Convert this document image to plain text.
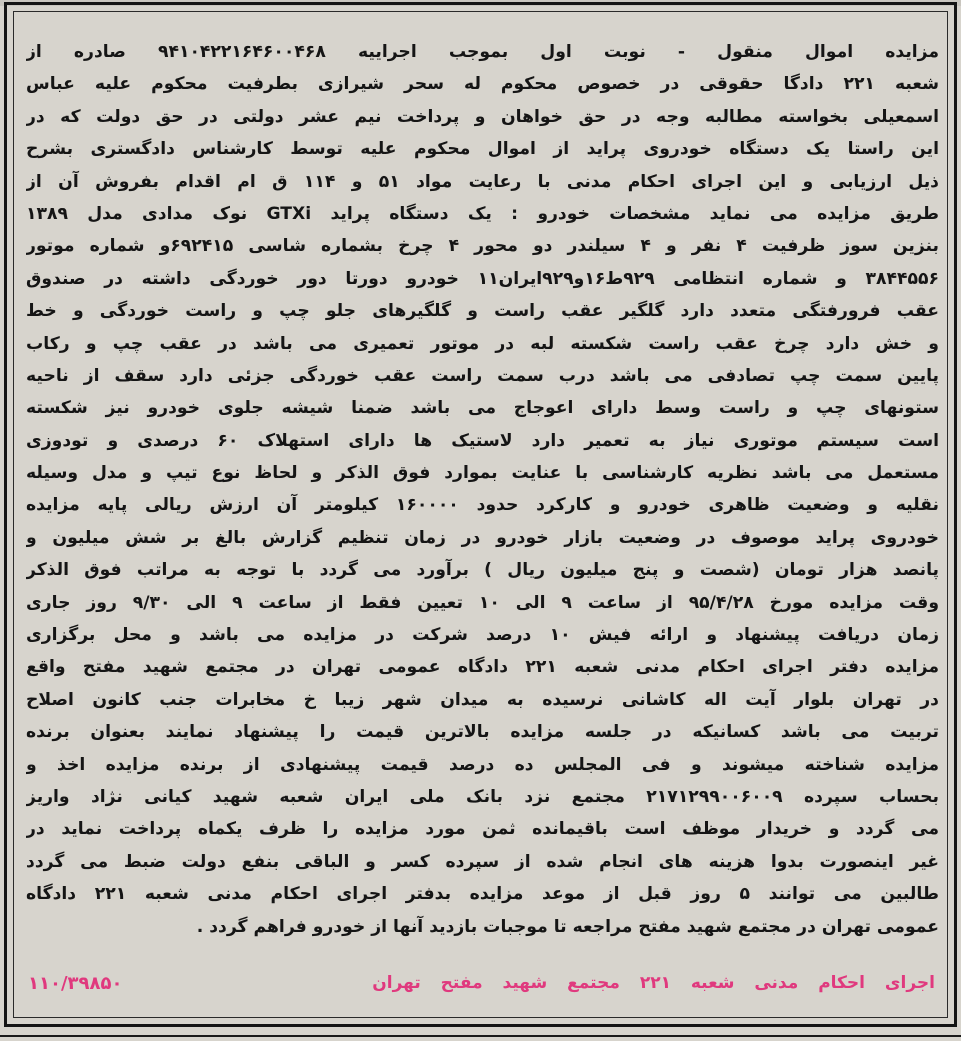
مزایده اموال منقول - نوبت اول بموجب اجراییه ۹۴۱۰۴۲۲۱۶۴۶۰۰۴۶۸ صادره از
شعبه ۲۲۱ دادگا حقوقی در خصوص محکوم له سحر شیرازی بطرفیت محکوم علیه عباس
اسمعیلی بخواسته مطالبه وجه در حق خواهان و پرداخت نیم عشر دولتی در حق دولت که در
این راستا یک دستگاه خودروی پراید از اموال محکوم علیه توسط کارشناس دادگستری بشرح
ذیل ارزیابی و این اجرای احکام مدنی با رعایت مواد ۵۱ و ۱۱۴ ق ام اقدام بفروش آن از
طریق مزایده می نماید مشخصات خودرو : یک دستگاه پراید GTXi نوک مدادی مدل ۱۳۸۹
بنزین سوز ظرفیت ۴ نفر و ۴ سیلندر دو محور ۴ چرخ بشماره شاسی ۶۹۲۴۱۵و شماره موتور
۳۸۴۴۵۵۶ و شماره انتظامی ۹۲۹ط۱۶و۹۲۹ایران۱۱ خودرو دورتا دور خوردگی داشته در صندوق
عقب فرورفتگی متعدد دارد گلگیر عقب راست و گلگیرهای جلو چپ و راست خوردگی و خط
و خش دارد چرخ عقب راست شکسته لبه در موتور تعمیری می باشد در عقب چپ و رکاب
پایین سمت چپ تصادفی می باشد درب سمت راست عقب خوردگی جزئی دارد سقف از ناحیه
ستونهای چپ و راست وسط دارای اعوجاج می باشد ضمنا شیشه جلوی خودرو نیز شکسته
است سیستم موتوری نیاز به تعمیر دارد لاستیک ها دارای استهلاک ۶۰ درصدی و تودوزی
مستعمل می باشد نظریه کارشناسی با عنایت بموارد فوق الذکر و لحاظ نوع تیپ و مدل وسیله
نقلیه و وضعیت ظاهری خودرو و کارکرد حدود ۱۶۰۰۰۰ کیلومتر آن ارزش ریالی پایه مزایده
خودروی پراید موصوف در وضعیت بازار خودرو در زمان تنظیم گزارش بالغ بر شش میلیون و
پانصد هزار تومان (شصت و پنج میلیون ریال ) برآورد می گردد با توجه به مراتب فوق الذکر
وقت مزایده مورخ ۹۵/۴/۲۸ از ساعت ۹ الی ۱۰ تعیین فقط از ساعت ۹ الی ۹/۳۰ روز جاری
زمان دریافت پیشنهاد و ارائه فیش ۱۰ درصد شرکت در مزایده می باشد و محل برگزاری
مزایده دفتر اجرای احکام مدنی شعبه ۲۲۱ دادگاه عمومی تهران در مجتمع شهید مفتح واقع
در تهران بلوار آیت اله کاشانی نرسیده به میدان شهر زیبا خ مخابرات جنب کانون اصلاح
تربیت می باشد کسانیکه در جلسه مزایده بالاترین قیمت را پیشنهاد نمایند بعنوان برنده
مزایده شناخته میشوند و فی المجلس ده درصد قیمت پیشنهادی از برنده مزایده اخذ و
بحساب سپرده ۲۱۷۱۲۹۹۰۰۶۰۰۹ مجتمع نزد بانک ملی ایران شعبه شهید کیانی نژاد واریز
می گردد و خریدار موظف است باقیمانده ثمن مورد مزایده را ظرف یکماه پرداخت نماید در
غیر اینصورت بدوا هزینه های انجام شده از سپرده کسر و الباقی بنفع دولت ضبط می گردد
طالبین می توانند ۵ روز قبل از موعد مزایده بدفتر اجرای احکام مدنی شعبه ۲۲۱ دادگاه
عمومی تهران در مجتمع شهید مفتح مراجعه تا موجبات بازدید آنها از خودرو فراهم گردد .
اجرای احکام مدنی شعبه ۲۲۱ مجتمع شهید مفتح تهران
۱۱۰/۳۹۸۵۰
